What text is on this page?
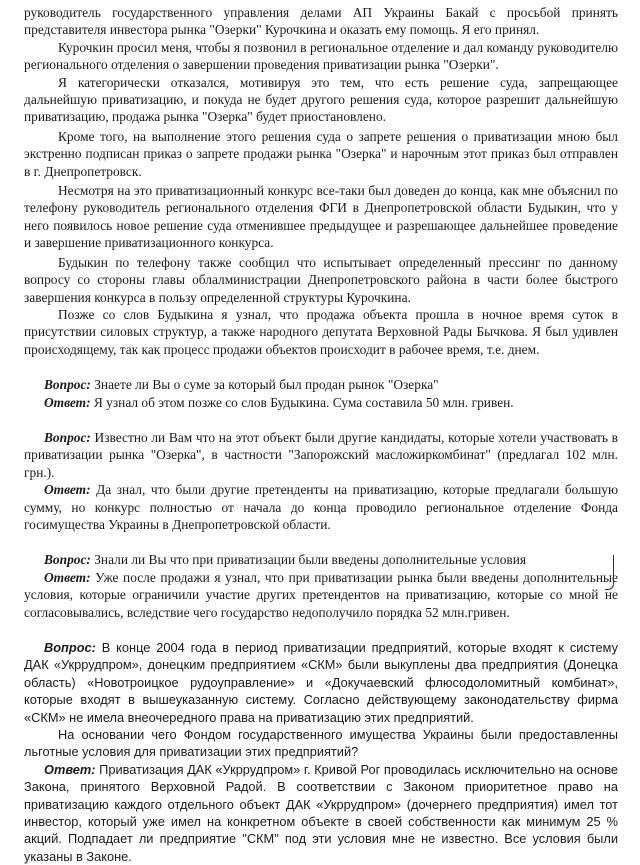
руководитель государственного управления делами АП Украины Бакай с просьбой принять представителя инвестора рынка "Озерки" Курочкина и оказать ему помощь. Я его принял.

Курочкин просил меня, чтобы я позвонил в региональное отделение и дал команду руководителю регионального отделения о завершении проведения приватизации рынка "Озерки".

Я категорически отказался, мотивируя это тем, что есть решение суда, запрещающее дальнейшую приватизацию, и покуда не будет другого решения суда, которое разрешит дальнейшую приватизацию, продажа рынка "Озерка" будет приостановлено.

Кроме того, на выполнение этого решения суда о запрете решения о приватизации мною был экстренно подписан приказ о запрете продажи рынка "Озерка" и нарочным этот приказ был отправлен в г. Днепропетровск.

Несмотря на это приватизационный конкурс все-таки был доведен до конца, как мне объяснил по телефону руководитель регионального отделения ФГИ в Днепропетровской области Будыкин, что у него появилось новое решение суда отменившее предыдущее и разрешающее дальнейшее проведение и завершение приватизационного конкурса.

Будыкин по телефону также сообщил что испытывает определенный прессинг по данному вопросу со стороны главы облалминистрации Днепропетровского района в части более быстрого завершения конкурса в пользу определенной структуры Курочкина.

Позже со слов Будыкина я узнал, что продажа объекта прошла в ночное время суток в присутствии силовых структур, а также народного депутата Верховной Рады Бычкова. Я был удивлен происходящему, так как процесс продажи объектов происходит в рабочее время, т.е. днем.

Вопрос: Знаете ли Вы о суме за который был продан рынок "Озерка"

Ответ: Я узнал об этом позже со слов Будыкина. Сума составила 50 млн. гривен.

Вопрос: Известно ли Вам что на этот объект были другие кандидаты, которые хотели участвовать в приватизации рынка "Озерка", в частности "Запорожский масложиркомбинат" (предлагал 102 млн. грн.).

Ответ: Да знал, что были другие претенденты на приватизацию, которые предлагали большую сумму, но конкурс полностью от начала до конца проводило региональное отделение Фонда госимущества Украины в Днепропетровской области.

Вопрос: Знали ли Вы что при приватизации были введены дополнительные условия

Ответ: Уже после продажи я узнал, что при приватизации рынка были введены дополнительные условия, которые ограничили участие других претендентов на приватизацию, которые со мной не согласовывались, вследствие чего государство недополучило порядка 52 млн.гривен.

Вопрос: В конце 2004 года в период приватизации предприятий, которые входят к систему ДАК «Укррудпром», донецким предприятием «СКМ» были выкуплены два предприятия (Донецка область) «Новотроицкое рудоуправление» и «Докучаевский флюсодоломитный комбинат», которые входят в вышеуказанную систему. Согласно действующему законодательству фирма «СКМ» не имела внеочередного права на приватизацию этих предприятий.

На основании чего Фондом государственного имущества Украины были предоставленны льготные условия для приватизации этих предприятий?

Ответ: Приватизация ДАК «Укррудпром» г. Кривой Рог проводилась исключительно на основе Закона, принятого Верховной Радой. В соответствии с Законом приоритетное право на приватизацию каждого отдельного объект ДАК «Укррудпром» (дочернего предприятия) имел тот инвестор, который уже имел на конкретном объекте в своей собственности как минимум 25 % акций. Подпадает ли предприятие "СКМ" под эти условия мне не известно. Все условия были указаны в Законе.
